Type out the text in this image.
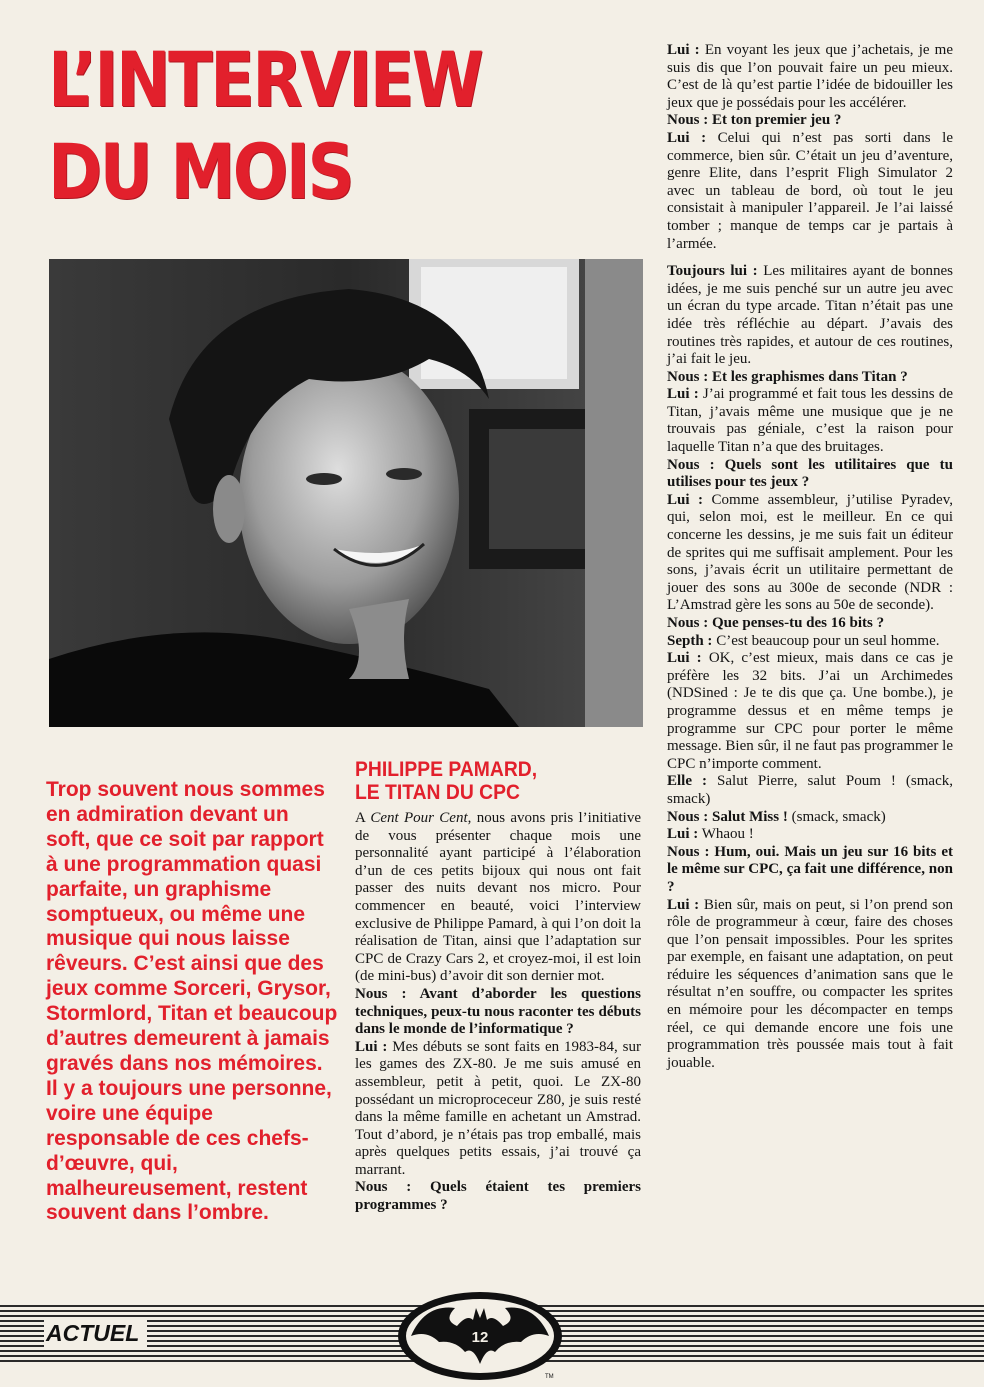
L’INTERVIEW
DU MOIS

Trop souvent nous sommes en admiration devant un soft, que ce soit par rapport à une programmation quasi parfaite, un graphisme somptueux, ou même une musique qui nous laisse rêveurs. C’est ainsi que des jeux comme Sorceri, Grysor, Stormlord, Titan et beaucoup d’autres demeurent à jamais gravés dans nos mémoires. Il y a toujours une personne, voire une équipe responsable de ces chefs-d’œuvre, qui, malheureusement, restent souvent dans l’ombre.

PHILIPPE PAMARD,
LE TITAN DU CPC

A Cent Pour Cent, nous avons pris l’initiative de vous présenter chaque mois une personnalité ayant participé à l’élaboration d’un de ces petits bijoux qui nous ont fait passer des nuits devant nos micro. Pour commencer en beauté, voici l’interview exclusive de Philippe Pamard, à qui l’on doit la réalisation de Titan, ainsi que l’adaptation sur CPC de Crazy Cars 2, et croyez-moi, il est loin (de mini-bus) d’avoir dit son dernier mot.

Nous : Avant d’aborder les questions techniques, peux-tu nous raconter tes débuts dans le monde de l’informatique ?

Lui : Mes débuts se sont faits en 1983-84, sur les games des ZX-80. Je me suis amusé en assembleur, petit à petit, quoi. Le ZX-80 possédant un microproceceur Z80, je suis resté dans la même famille en achetant un Amstrad. Tout d’abord, je n’étais pas trop emballé, mais après quelques petits essais, j’ai trouvé ça marrant.

Nous : Quels étaient tes premiers programmes ?

Lui : En voyant les jeux que j’achetais, je me suis dis que l’on pouvait faire un peu mieux. C’est de là qu’est partie l’idée de bidouiller les jeux que je possédais pour les accélérer.

Nous : Et ton premier jeu ?

Lui : Celui qui n’est pas sorti dans le commerce, bien sûr. C’était un jeu d’aventure, genre Elite, dans l’esprit Fligh Simulator 2 avec un tableau de bord, où tout le jeu consistait à manipuler l’appareil. Je l’ai laissé tomber ; manque de temps car je partais à l’armée.

Toujours lui : Les militaires ayant de bonnes idées, je me suis penché sur un autre jeu avec un écran du type arcade. Titan n’était pas une idée très réfléchie au départ. J’avais des routines très rapides, et autour de ces routines, j’ai fait le jeu.

Nous : Et les graphismes dans Titan ?

Lui : J’ai programmé et fait tous les dessins de Titan, j’avais même une musique que je ne trouvais pas géniale, c’est la raison pour laquelle Titan n’a que des bruitages.

Nous : Quels sont les utilitaires que tu utilises pour tes jeux ?

Lui : Comme assembleur, j’utilise Pyradev, qui, selon moi, est le meilleur. En ce qui concerne les dessins, je me suis fait un éditeur de sprites qui me suffisait amplement. Pour les sons, j’avais écrit un utilitaire permettant de jouer des sons au 300e de seconde (NDR : L’Amstrad gère les sons au 50e de seconde).

Nous : Que penses-tu des 16 bits ?

Septh : C’est beaucoup pour un seul homme.

Lui : OK, c’est mieux, mais dans ce cas je préfère les 32 bits. J’ai un Archimedes (NDSined : Je te dis que ça. Une bombe.), je programme dessus et en même temps je programme sur CPC pour porter le même message. Bien sûr, il ne faut pas programmer le CPC n’importe comment.

Elle : Salut Pierre, salut Poum ! (smack, smack)

Nous : Salut Miss ! (smack, smack)

Lui : Whaou !

Nous : Hum, oui. Mais un jeu sur 16 bits et le même sur CPC, ça fait une différence, non ?

Lui : Bien sûr, mais on peut, si l’on prend son rôle de programmeur à cœur, faire des choses que l’on pensait impossibles. Pour les sprites par exemple, en faisant une adaptation, on peut réduire les séquences d’animation sans que le résultat n’en souffre, ou compacter les sprites en mémoire pour les décompacter en temps réel, ce qui demande encore une fois une programmation très poussée mais tout à fait jouable.

ACTUEL	12
TM
